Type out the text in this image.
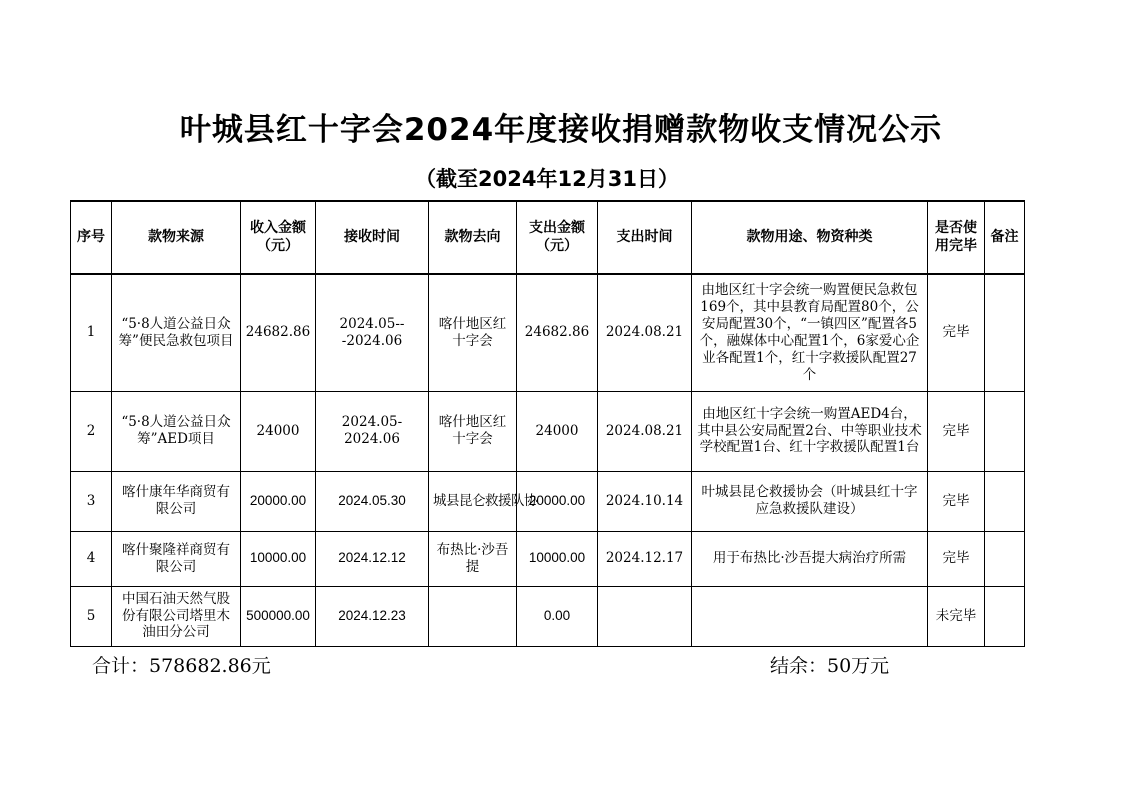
叶城县红十字会2024年度接收捐赠款物收支情况公示
（截至2024年12月31日）
序号	款物来源	收入金额（元）	接收时间	款物去向	支出金额（元）	支出时间	款物用途、物资种类	是否使用完毕	备注
1	“5·8人道公益日众筹”便民急救包项目	24682.86	2024.05---2024.06	喀什地区红十字会	24682.86	2024.08.21	由地区红十字会统一购置便民急救包169个，其中县教育局配置80个，公安局配置30个，“一镇四区”配置各5个，融媒体中心配置1个，6家爱心企业各配置1个，红十字救援队配置27个	完毕	
2	“5·8人道公益日众筹”AED项目	24000	2024.05-2024.06	喀什地区红十字会	24000	2024.08.21	由地区红十字会统一购置AED4台，其中县公安局配置2台、中等职业技术学校配置1台、红十字救援队配置1台	完毕	
3	喀什康年华商贸有限公司	20000.00	2024.05.30	城县昆仑救援队协	20000.00	2024.10.14	叶城县昆仑救援协会（叶城县红十字应急救援队建设）	完毕	
4	喀什聚隆祥商贸有限公司	10000.00	2024.12.12	布热比·沙吾提	10000.00	2024.12.17	用于布热比·沙吾提大病治疗所需	完毕	
5	中国石油天然气股份有限公司塔里木油田分公司	500000.00	2024.12.23		0.00			未完毕	
合计：578682.86元	结余：50万元
